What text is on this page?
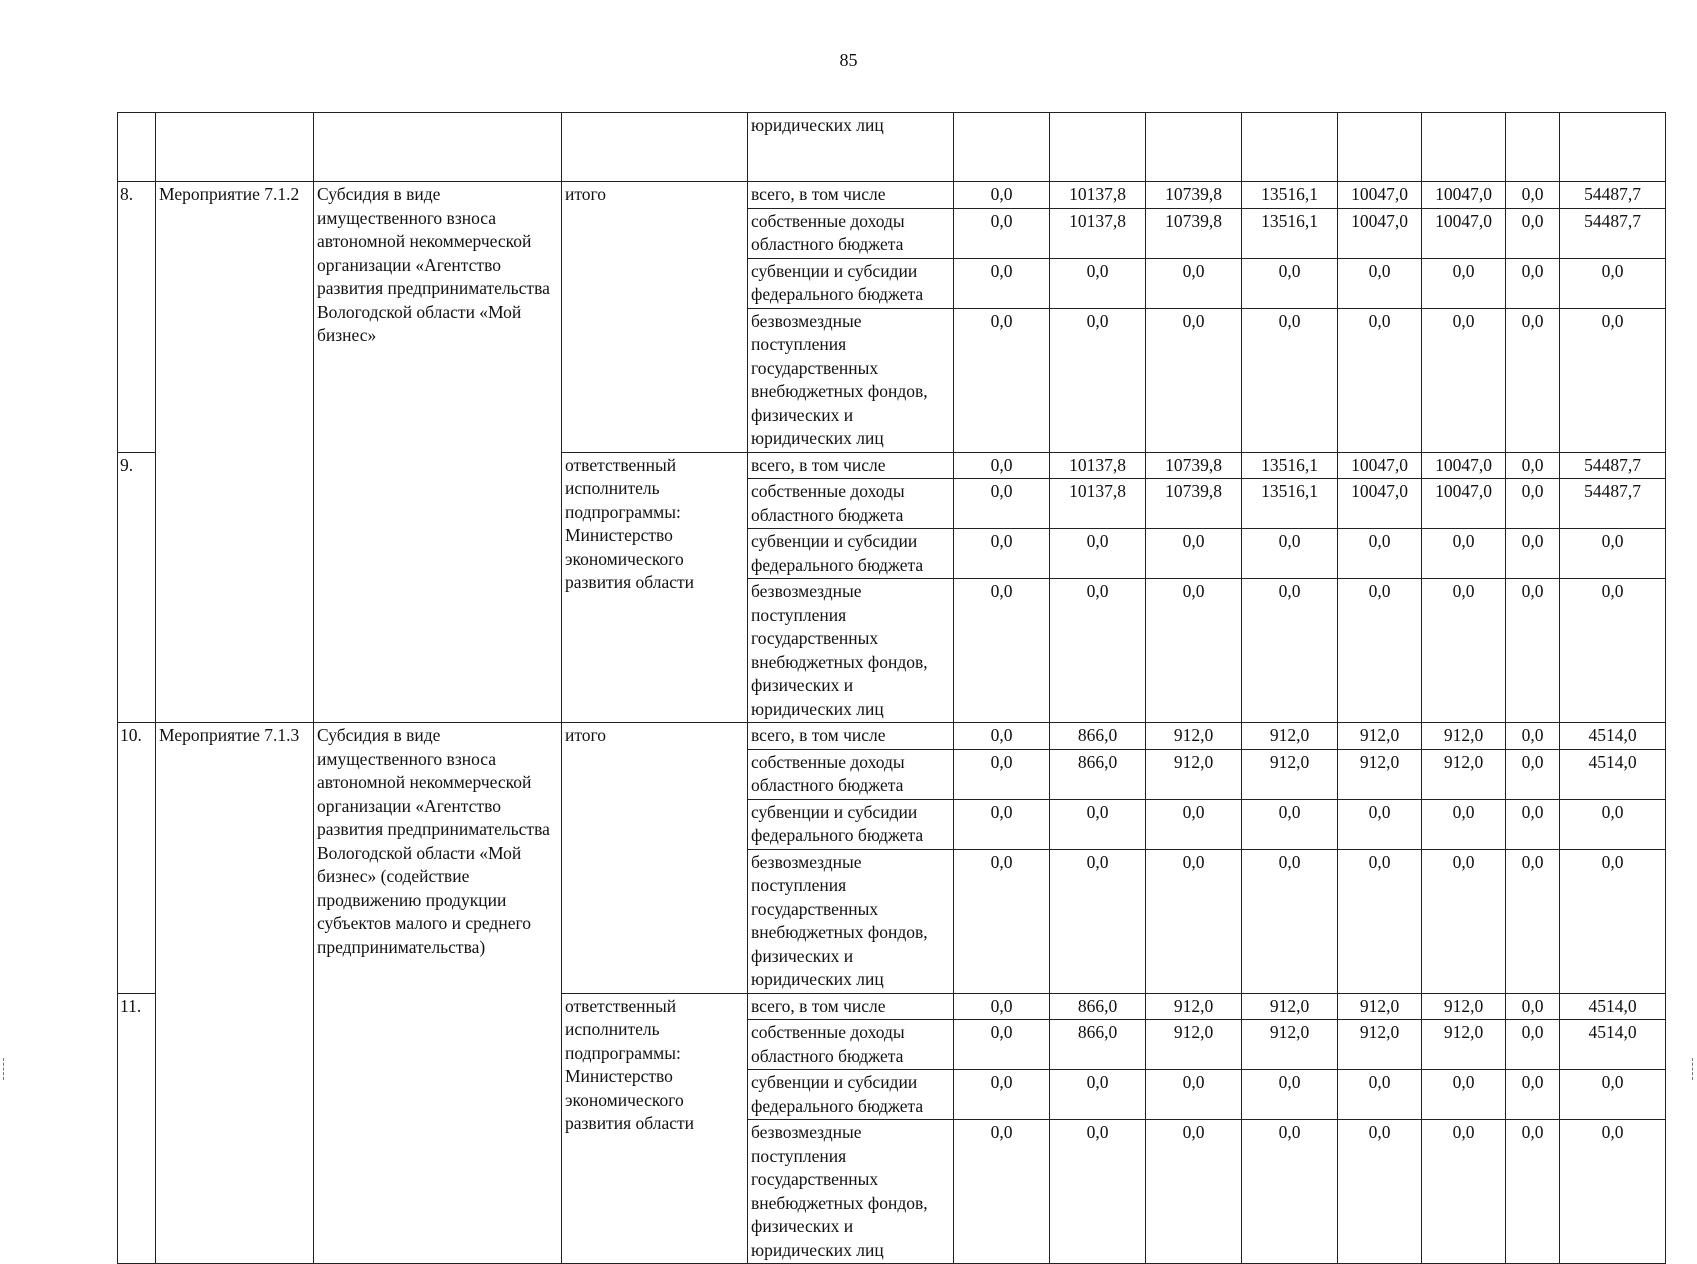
85
				юридических лиц								
8.	Мероприятие 7.1.2	Субсидия в виде имущественного взноса автономной некоммерческой организации «Агентство развития предпринимательства Вологодской области «Мой бизнес»	итого	всего, в том числе	0,0	10137,8	10739,8	13516,1	10047,0	10047,0	0,0	54487,7
				собственные доходы областного бюджета	0,0	10137,8	10739,8	13516,1	10047,0	10047,0	0,0	54487,7
				субвенции и субсидии федерального бюджета	0,0	0,0	0,0	0,0	0,0	0,0	0,0	0,0
				безвозмездные поступления государственных внебюджетных фондов, физических и юридических лиц	0,0	0,0	0,0	0,0	0,0	0,0	0,0	0,0
9.			ответственный исполнитель подпрограммы: Министерство экономического развития области	всего, в том числе	0,0	10137,8	10739,8	13516,1	10047,0	10047,0	0,0	54487,7
				собственные доходы областного бюджета	0,0	10137,8	10739,8	13516,1	10047,0	10047,0	0,0	54487,7
				субвенции и субсидии федерального бюджета	0,0	0,0	0,0	0,0	0,0	0,0	0,0	0,0
				безвозмездные поступления государственных внебюджетных фондов, физических и юридических лиц	0,0	0,0	0,0	0,0	0,0	0,0	0,0	0,0
10.	Мероприятие 7.1.3	Субсидия в виде имущественного взноса автономной некоммерческой организации «Агентство развития предпринимательства Вологодской области «Мой бизнес» (содействие продвижению продукции субъектов малого и среднего предпринимательства)	итого	всего, в том числе	0,0	866,0	912,0	912,0	912,0	912,0	0,0	4514,0
				собственные доходы областного бюджета	0,0	866,0	912,0	912,0	912,0	912,0	0,0	4514,0
				субвенции и субсидии федерального бюджета	0,0	0,0	0,0	0,0	0,0	0,0	0,0	0,0
				безвозмездные поступления государственных внебюджетных фондов, физических и юридических лиц	0,0	0,0	0,0	0,0	0,0	0,0	0,0	0,0
11.			ответственный исполнитель подпрограммы: Министерство экономического развития области	всего, в том числе	0,0	866,0	912,0	912,0	912,0	912,0	0,0	4514,0
				собственные доходы областного бюджета	0,0	866,0	912,0	912,0	912,0	912,0	0,0	4514,0
				субвенции и субсидии федерального бюджета	0,0	0,0	0,0	0,0	0,0	0,0	0,0	0,0
				безвозмездные поступления государственных внебюджетных фондов, физических и юридических лиц	0,0	0,0	0,0	0,0	0,0	0,0	0,0	0,0
